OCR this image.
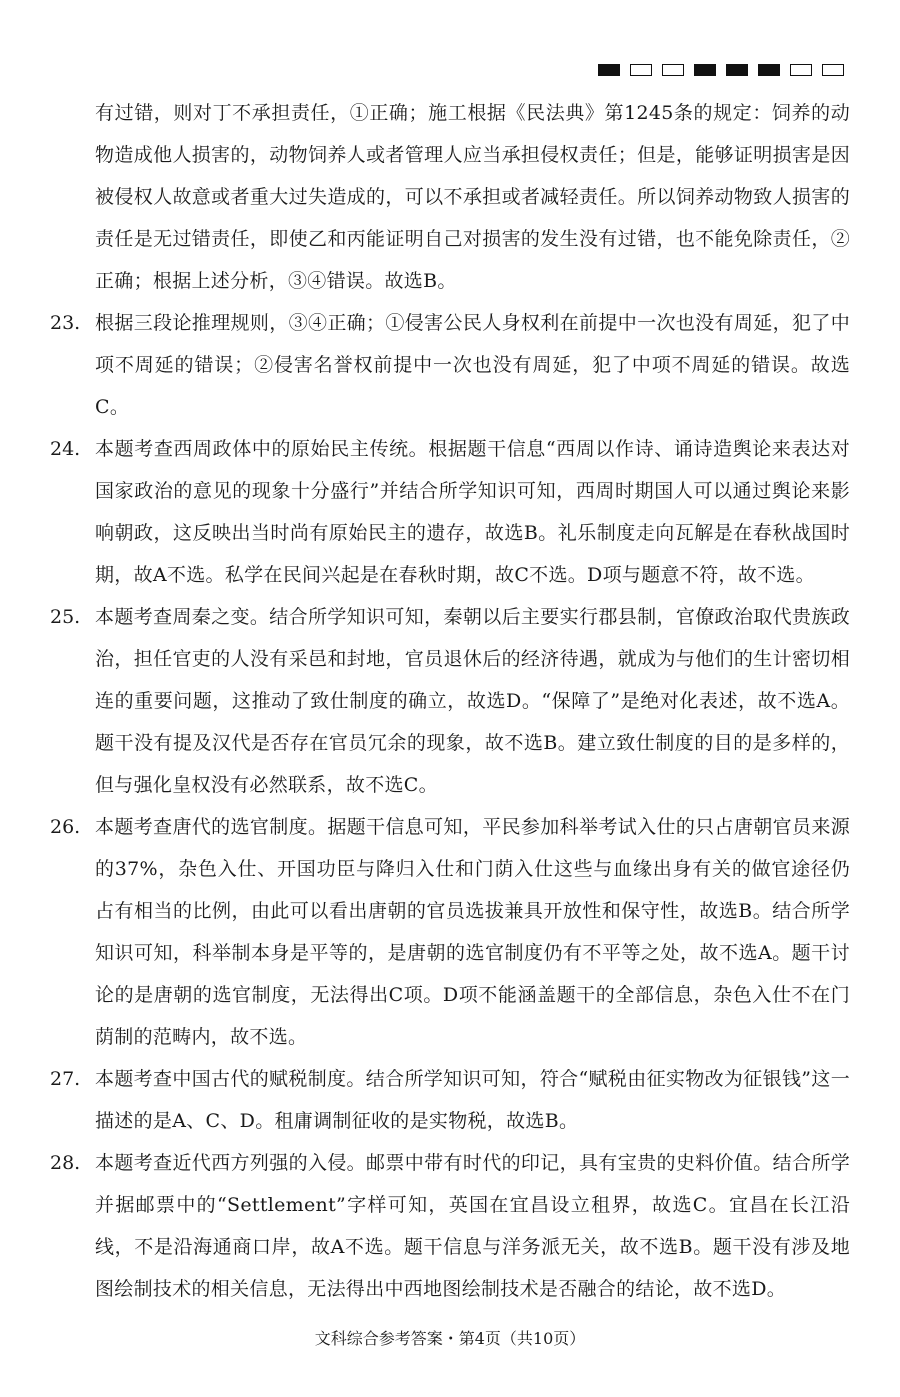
有过错，则对丁不承担责任，①正确；施工根据《民法典》第1245条的规定：饲养的动物造成他人损害的，动物饲养人或者管理人应当承担侵权责任；但是，能够证明损害是因被侵权人故意或者重大过失造成的，可以不承担或者减轻责任。所以饲养动物致人损害的责任是无过错责任，即使乙和丙能证明自己对损害的发生没有过错，也不能免除责任，②正确；根据上述分析，③④错误。故选B。
23. 根据三段论推理规则，③④正确；①侵害公民人身权利在前提中一次也没有周延，犯了中项不周延的错误；②侵害名誉权前提中一次也没有周延，犯了中项不周延的错误。故选C。
24. 本题考查西周政体中的原始民主传统。根据题干信息“西周以作诗、诵诗造舆论来表达对国家政治的意见的现象十分盛行”并结合所学知识可知，西周时期国人可以通过舆论来影响朝政，这反映出当时尚有原始民主的遗存，故选B。礼乐制度走向瓦解是在春秋战国时期，故A不选。私学在民间兴起是在春秋时期，故C不选。D项与题意不符，故不选。
25. 本题考查周秦之变。结合所学知识可知，秦朝以后主要实行郡县制，官僚政治取代贵族政治，担任官吏的人没有采邑和封地，官员退休后的经济待遇，就成为与他们的生计密切相连的重要问题，这推动了致仕制度的确立，故选D。“保障了”是绝对化表述，故不选A。题干没有提及汉代是否存在官员冗余的现象，故不选B。建立致仕制度的目的是多样的，但与强化皇权没有必然联系，故不选C。
26. 本题考查唐代的选官制度。据题干信息可知，平民参加科举考试入仕的只占唐朝官员来源的37%，杂色入仕、开国功臣与降归入仕和门荫入仕这些与血缘出身有关的做官途径仍占有相当的比例，由此可以看出唐朝的官员选拔兼具开放性和保守性，故选B。结合所学知识可知，科举制本身是平等的，是唐朝的选官制度仍有不平等之处，故不选A。题干讨论的是唐朝的选官制度，无法得出C项。D项不能涵盖题干的全部信息，杂色入仕不在门荫制的范畴内，故不选。
27. 本题考查中国古代的赋税制度。结合所学知识可知，符合“赋税由征实物改为征银钱”这一描述的是A、C、D。租庸调制征收的是实物税，故选B。
28. 本题考查近代西方列强的入侵。邮票中带有时代的印记，具有宝贵的史料价值。结合所学并据邮票中的“Settlement”字样可知，英国在宜昌设立租界，故选C。宜昌在长江沿线，不是沿海通商口岸，故A不选。题干信息与洋务派无关，故不选B。题干没有涉及地图绘制技术的相关信息，无法得出中西地图绘制技术是否融合的结论，故不选D。
文科综合参考答案・第4页（共10页）
